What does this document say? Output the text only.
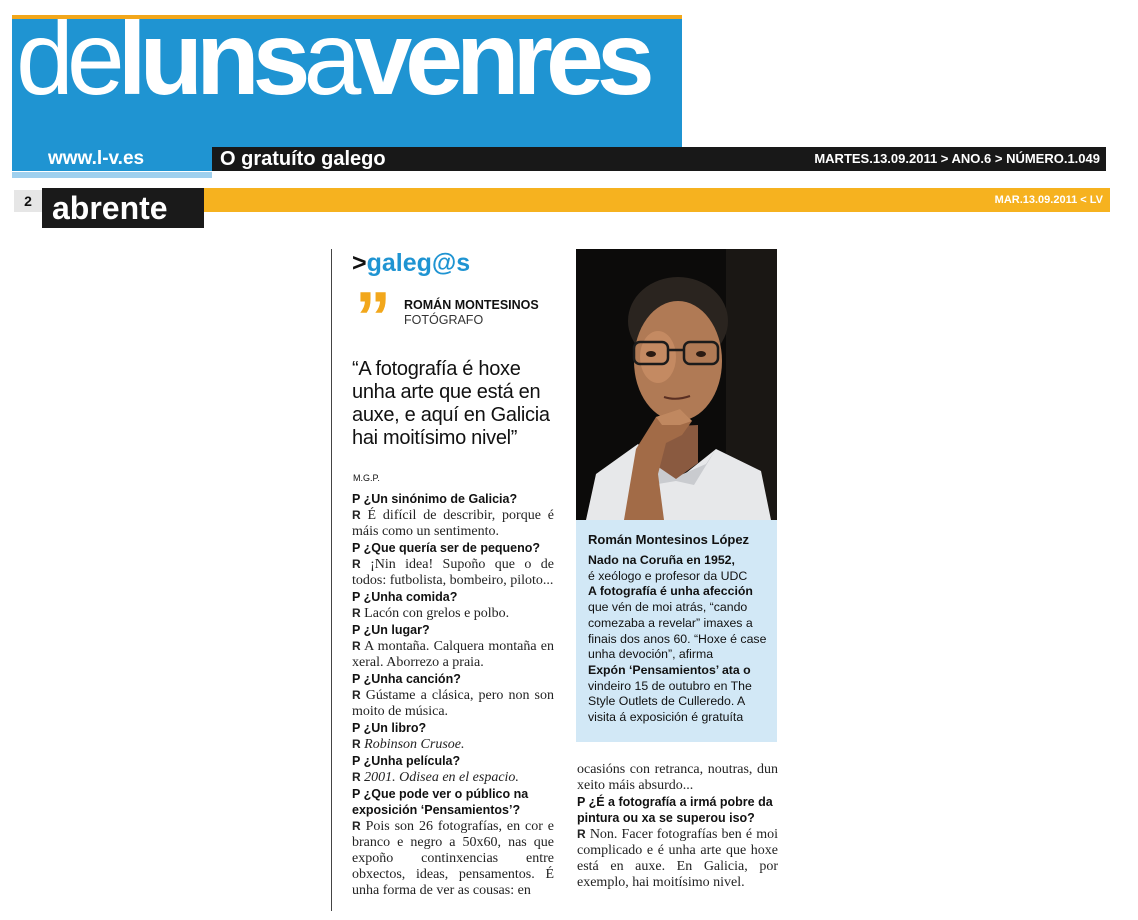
delunsavenres
www.l-v.es	O gratuíto galego	MARTES.13.09.2011 > ANO.6 > NÚMERO.1.049
2 abrente	MAR.13.09.2011 < LV
>galeg@s
” ROMÁN MONTESINOS
FOTÓGRAFO
“A fotografía é hoxe unha arte que está en auxe, e aquí en Galicia hai moitísimo nivel”
M.G.P.

P ¿Un sinónimo de Galicia?

R É difícil de describir, porque é máis como un sentimento.

P ¿Que quería ser de pequeno?

R ¡Nin idea! Supoño que o de todos: futbolista, bombeiro, piloto...

P ¿Unha comida?

R Lacón con grelos e polbo.

P ¿Un lugar?

R A montaña. Calquera montaña en xeral. Aborrezo a praia.

P ¿Unha canción?

R Gústame a clásica, pero non son moito de música.

P ¿Un libro?

R Robinson Crusoe.

P ¿Unha película?

R 2001. Odisea en el espacio.

P ¿Que pode ver o público na exposición ‘Pensamientos’?

R Pois son 26 fotografías, en cor e branco e negro a 50x60, nas que expoño continxencias entre obxectos, ideas, pensamentos. É unha forma de ver as cousas: en

ocasións con retranca, noutras, dun xeito máis absurdo...

P ¿É a fotografía a irmá pobre da pintura ou xa se superou iso?

R Non. Facer fotografías ben é moi complicado e é unha arte que hoxe está en auxe. En Galicia, por exemplo, hai moitísimo nivel.

Román Montesinos López

Nado na Coruña en 1952,
é xeólogo e profesor da UDC

A fotografía é unha afección
que vén de moi atrás, “cando comezaba a revelar” imaxes a finais dos anos 60. “Hoxe é case unha devoción”, afirma

Expón ‘Pensamientos’ ata o
vindeiro 15 de outubro en The Style Outlets de Culleredo. A visita á exposición é gratuíta
